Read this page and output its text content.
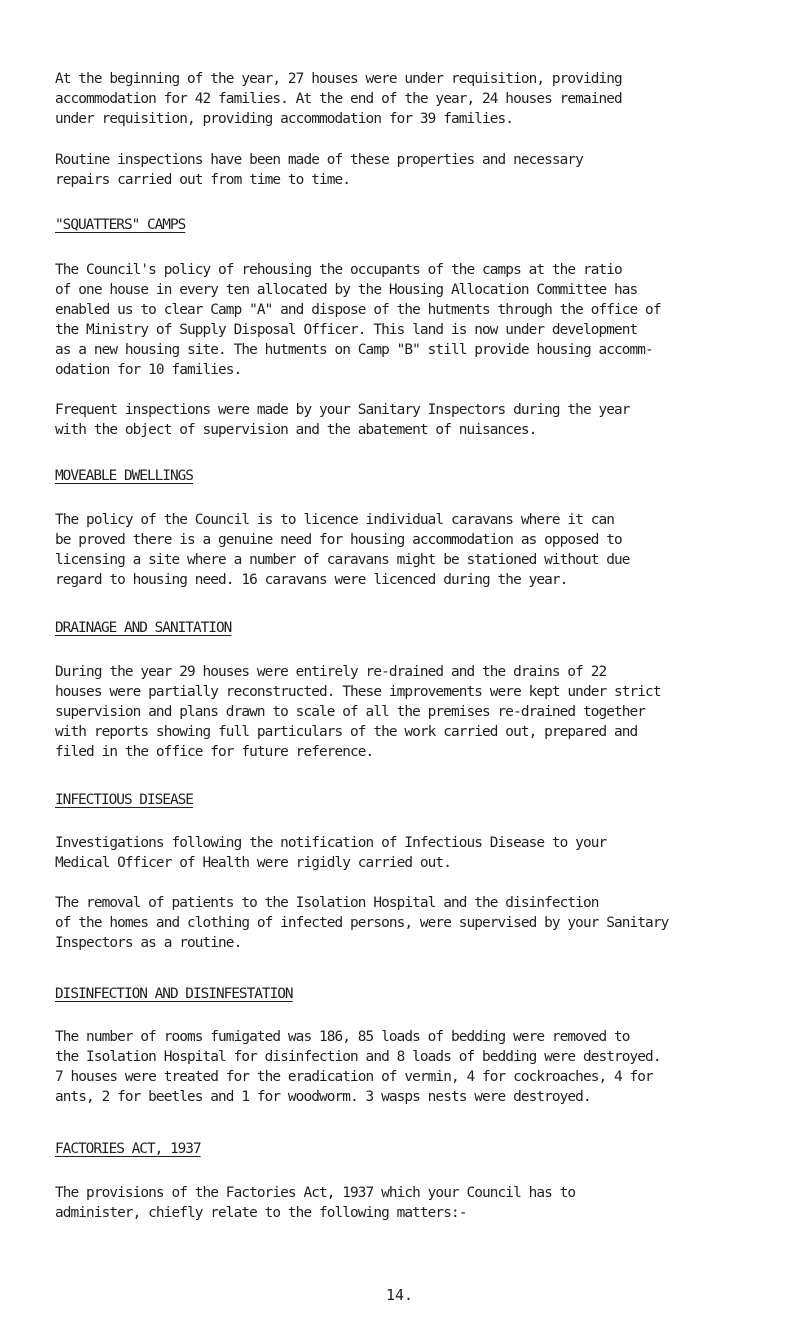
At the beginning of the year, 27 houses were under requisition, providing
accommodation for 42 families. At the end of the year, 24 houses remained
under requisition, providing accommodation for 39 families.

Routine inspections have been made of these properties and necessary
repairs carried out from time to time.

"SQUATTERS" CAMPS

The Council's policy of rehousing the occupants of the camps at the ratio
of one house in every ten allocated by the Housing Allocation Committee has
enabled us to clear Camp "A" and dispose of the hutments through the office of
the Ministry of Supply Disposal Officer. This land is now under development
as a new housing site. The hutments on Camp "B" still provide housing accomm-
odation for 10 families.

Frequent inspections were made by your Sanitary Inspectors during the year
with the object of supervision and the abatement of nuisances.

MOVEABLE DWELLINGS

The policy of the Council is to licence individual caravans where it can
be proved there is a genuine need for housing accommodation as opposed to
licensing a site where a number of caravans might be stationed without due
regard to housing need. 16 caravans were licenced during the year.

DRAINAGE AND SANITATION

During the year 29 houses were entirely re-drained and the drains of 22
houses were partially reconstructed. These improvements were kept under strict
supervision and plans drawn to scale of all the premises re-drained together
with reports showing full particulars of the work carried out, prepared and
filed in the office for future reference.

INFECTIOUS DISEASE

Investigations following the notification of Infectious Disease to your
Medical Officer of Health were rigidly carried out.

The removal of patients to the Isolation Hospital and the disinfection
of the homes and clothing of infected persons, were supervised by your Sanitary
Inspectors as a routine.

DISINFECTION AND DISINFESTATION

The number of rooms fumigated was 186, 85 loads of bedding were removed to
the Isolation Hospital for disinfection and 8 loads of bedding were destroyed.
7 houses were treated for the eradication of vermin, 4 for cockroaches, 4 for
ants, 2 for beetles and 1 for woodworm. 3 wasps nests were destroyed.

FACTORIES ACT, 1937

The provisions of the Factories Act, 1937 which your Council has to
administer, chiefly relate to the following matters:-

14.
